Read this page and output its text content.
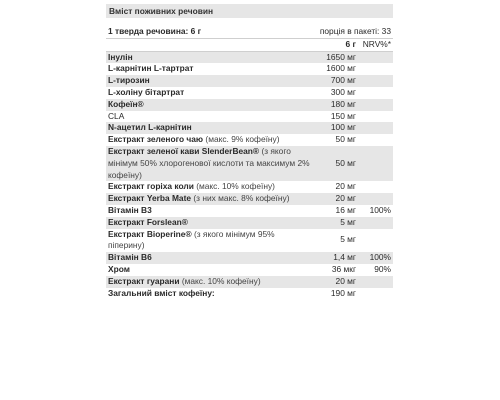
Вміст поживних речовин
1 тверда речовина: 6 г	порція в пакеті: 33	
	6 г	NRV%*
Інулін	1650 мг	
L-карнітин L-тартрат	1600 мг	
L-тирозин	700 мг	
L-холіну бітартрат	300 мг	
Кофеїн®	180 мг	
CLA	150 мг	
N-ацетил L-карнітин	100 мг	
Екстракт зеленого чаю (макс. 9% кофеїну)	50 мг	
Екстракт зеленої кави SlenderBean® (з якого мінімум 50% хлорогенової кислоти та максимум 2% кофеїну)	50 мг	
Екстракт горіха коли (макс. 10% кофеїну)	20 мг	
Екстракт Yerba Mate (з них макс. 8% кофеїну)	20 мг	
Вітамін B3	16 мг	100%
Екстракт Forslean®	5 мг	
Екстракт Bioperine® (з якого мінімум 95% піперину)	5 мг	
Вітамін B6	1,4 мг	100%
Хром	36 мкг	90%
Екстракт гуарани (макс. 10% кофеїну)	20 мг	
Загальний вміст кофеїну:	190 мг	
